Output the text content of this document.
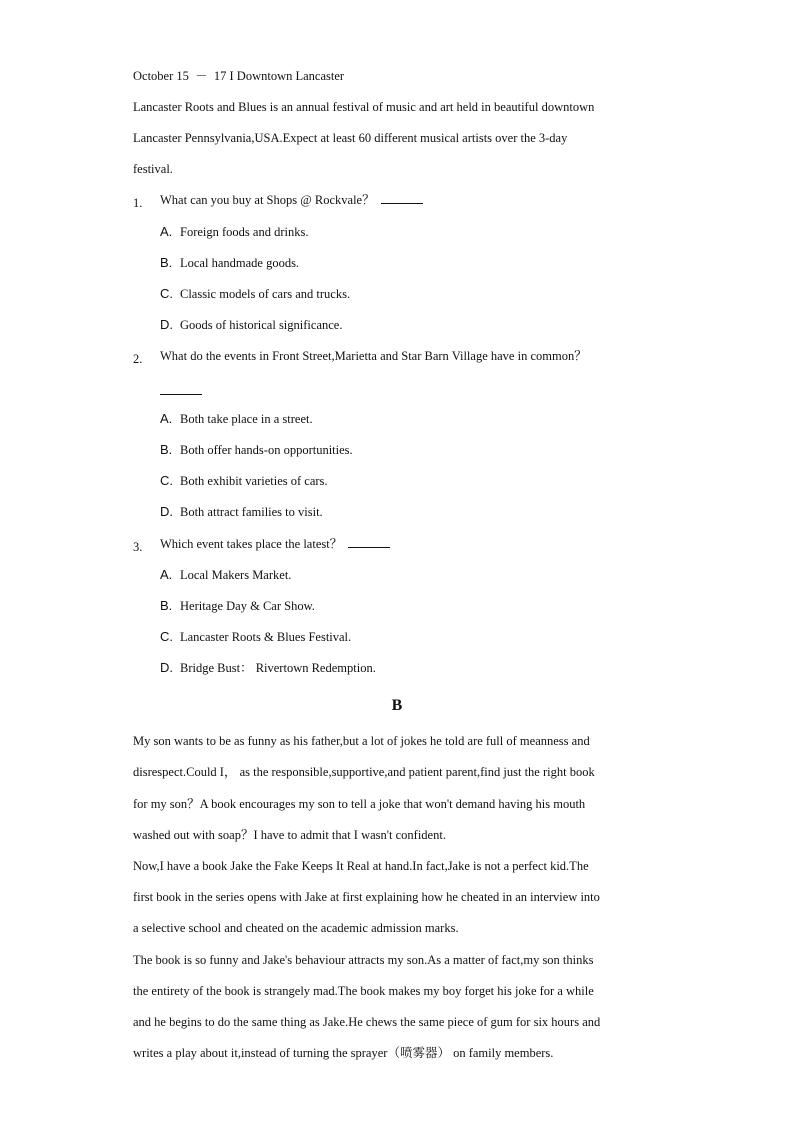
October 15  －  17 I Downtown Lancaster
Lancaster Roots and Blues is an annual festival of music and art held in beautiful downtown
Lancaster Pennsylvania,USA.Expect at least 60 different musical artists over the 3-day
festival.
1. What can you buy at Shops @ Rockvale？
A. Foreign foods and drinks.
B. Local handmade goods.
C. Classic models of cars and trucks.
D. Goods of historical significance.
2. What do the events in Front Street,Marietta and Star Barn Village have in common？
A. Both take place in a street.
B. Both offer hands-on opportunities.
C. Both exhibit varieties of cars.
D. Both attract families to visit.
3. Which event takes place the latest？
A. Local Makers Market.
B. Heritage Day & Car Show.
C. Lancaster Roots & Blues Festival.
D. Bridge Bust： Rivertown Redemption.
B
My son wants to be as funny as his father,but a lot of jokes he told are full of meanness and
disrespect.Could I， as the responsible,supportive,and patient parent,find just the right book
for my son？A book encourages my son to tell a joke that won't demand having his mouth
washed out with soap？I have to admit that I wasn't confident.
Now,I have a book Jake the Fake Keeps It Real at hand.In fact,Jake is not a perfect kid.The
first book in the series opens with Jake at first explaining how he cheated in an interview into
a selective school and cheated on the academic admission marks.
The book is so funny and Jake's behaviour attracts my son.As a matter of fact,my son thinks
the entirety of the book is strangely mad.The book makes my boy forget his joke for a while
and he begins to do the same thing as Jake.He chews the same piece of gum for six hours and
writes a play about it,instead of turning the sprayer（喷雾器） on family members.
